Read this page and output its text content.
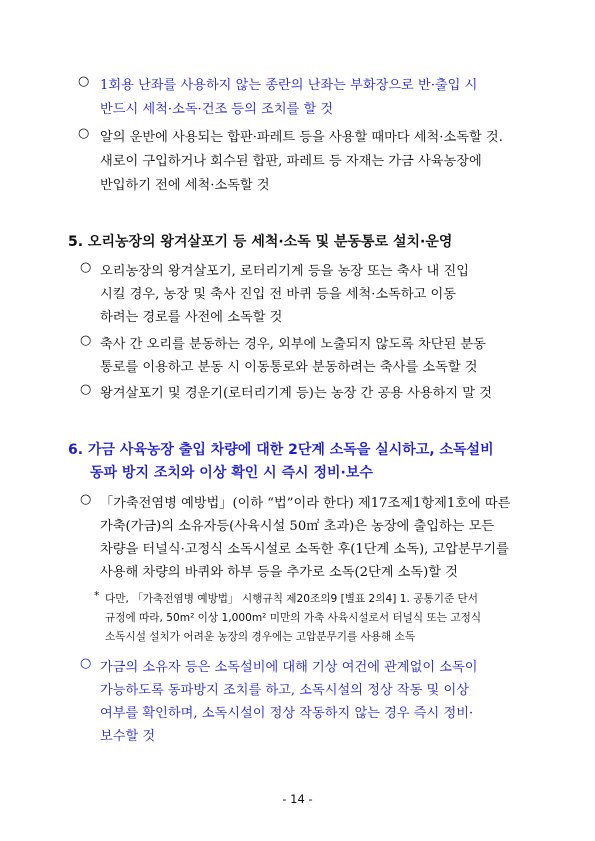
○ 1회용 난좌를 사용하지 않는 종란의 난좌는 부화장으로 반·출입 시
반드시 세척·소독·건조 등의 조치를 할 것
○ 알의 운반에 사용되는 합판·파레트 등을 사용할 때마다 세척·소독할 것.
새로이 구입하거나 회수된 합판, 파레트 등 자재는 가금 사육농장에
반입하기 전에 세척·소독할 것
5. 오리농장의 왕겨살포기 등 세척·소독 및 분동통로 설치·운영
○ 오리농장의 왕겨살포기, 로터리기계 등을 농장 또는 축사 내 진입
시킬 경우, 농장 및 축사 진입 전 바퀴 등을 세척·소독하고 이동
하려는 경로를 사전에 소독할 것
○ 축사 간 오리를 분동하는 경우, 외부에 노출되지 않도록 차단된 분동
통로를 이용하고 분동 시 이동통로와 분동하려는 축사를 소독할 것
○ 왕겨살포기 및 경운기(로터리기계 등)는 농장 간 공용 사용하지 말 것
6. 가금 사육농장 출입 차량에 대한 2단계 소독을 실시하고, 소독설비
동파 방지 조치와 이상 확인 시 즉시 정비·보수
○ 「가축전염병 예방법」(이하 “법”이라 한다) 제17조제1항제1호에 따른
가축(가금)의 소유자등(사육시설 50㎡ 초과)은 농장에 출입하는 모든
차량을 터널식·고정식 소독시설로 소독한 후(1단계 소독), 고압분무기를
사용해 차량의 바퀴와 하부 등을 추가로 소독(2단계 소독)할 것
* 다만, 「가축전염병 예방법」 시행규칙 제20조의9 [별표 2의4] 1. 공통기준 단서
규정에 따라, 50m² 이상 1,000m² 미만의 가축 사육시설로서 터널식 또는 고정식
소독시설 설치가 어려운 농장의 경우에는 고압분무기를 사용해 소독
○ 가금의 소유자 등은 소독설비에 대해 기상 여건에 관계없이 소독이
가능하도록 동파방지 조치를 하고, 소독시설의 정상 작동 및 이상
여부를 확인하며, 소독시설이 정상 작동하지 않는 경우 즉시 정비·
보수할 것
- 14 -
